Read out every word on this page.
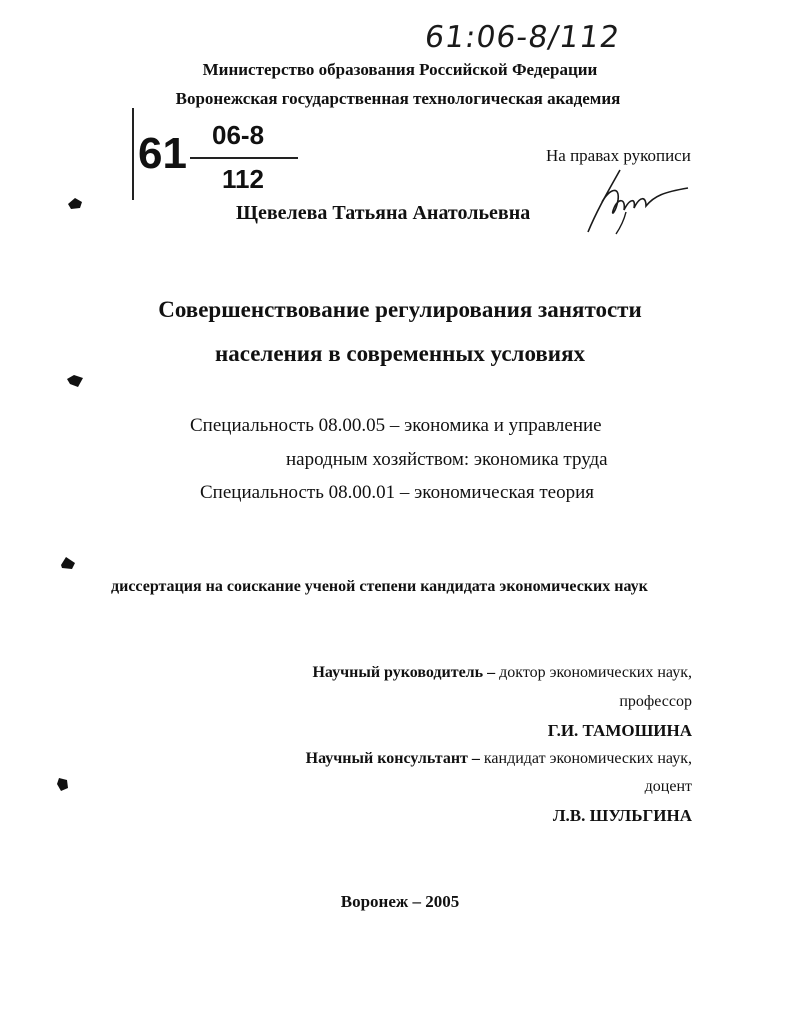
61:06-8/112
Министерство образования Российской Федерации
Воронежская государственная технологическая академия
61 06-8
112
На правах рукописи
Щевелева Татьяна Анатольевна
Совершенствование регулирования занятости
населения в современных условиях
Специальность 08.00.05 – экономика и управление
народным хозяйством: экономика труда
Специальность 08.00.01 – экономическая теория
диссертация на соискание ученой степени кандидата экономических наук
Научный руководитель – доктор экономических наук,
профессор
Г.И. ТАМОШИНА
Научный консультант – кандидат экономических наук,
доцент
Л.В. ШУЛЬГИНА
Воронеж – 2005
